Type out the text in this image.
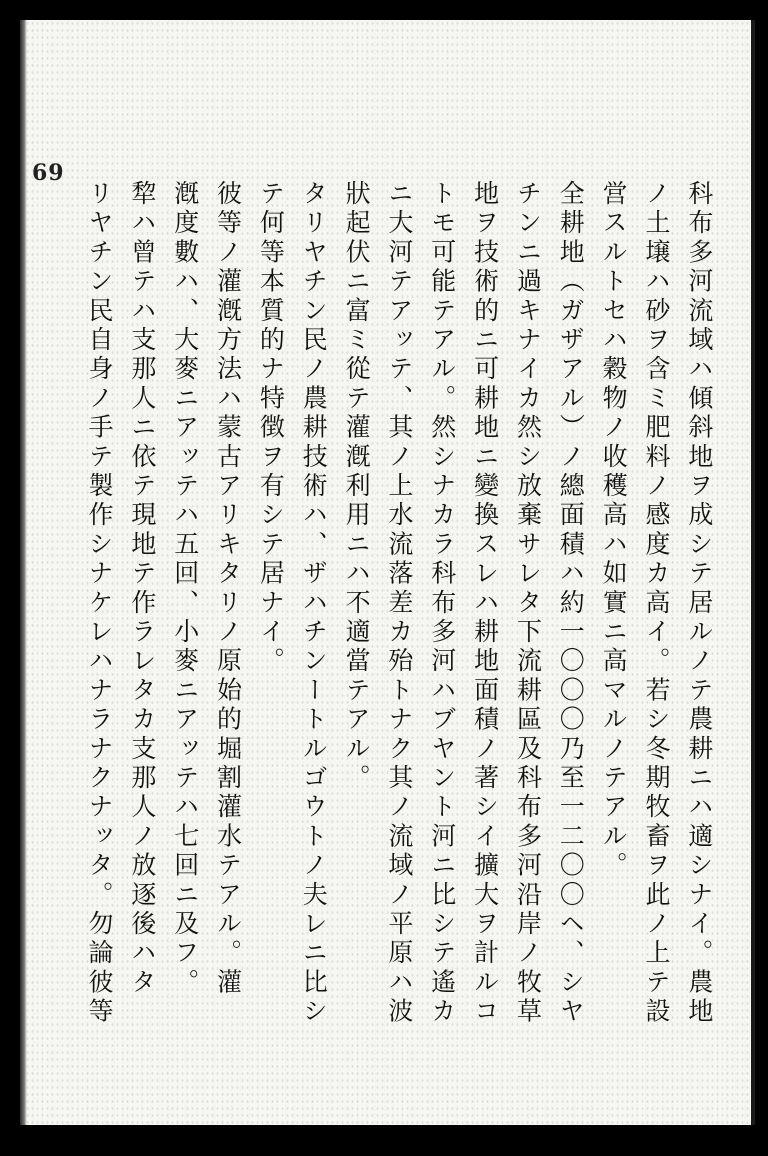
69
科布多河流域ハ傾斜地ヲ成シテ居ルノテ農耕ニハ適シナイ。農地
ノ土壌ハ砂ヲ含ミ肥料ノ感度カ高イ。若シ冬期牧畜ヲ此ノ上テ設
営スルトセハ穀物ノ收穫高ハ如實ニ高マルノテアル。
全耕地（ガザアル）ノ總面積ハ約一〇〇〇乃至一二〇〇ヘ、シヤ
チンニ過キナイカ然シ放棄サレタ下流耕區及科布多河沿岸ノ牧草
地ヲ技術的ニ可耕地ニ變換スレハ耕地面積ノ著シイ擴大ヲ計ルコ
トモ可能テアル。然シナカラ科布多河ハブヤント河ニ比シテ遙カ
ニ大河テアッテ、其ノ上水流落差カ殆トナク其ノ流域ノ平原ハ波
狀起伏ニ富ミ從テ灌漑利用ニハ不適當テアル。
タリヤチン民ノ農耕技術ハ、ザハチンートルゴウトノ夫レニ比シ
テ何等本質的ナ特徴ヲ有シテ居ナイ。
彼等ノ灌漑方法ハ蒙古アリキタリノ原始的堀割灌水テアル。灌
漑度數ハ、大麥ニアッテハ五回、小麥ニアッテハ七回ニ及フ。
犂ハ曾テハ支那人ニ依テ現地テ作ラレタカ支那人ノ放逐後ハタ
リヤチン民自身ノ手テ製作シナケレハナラナクナッタ。勿論彼等
